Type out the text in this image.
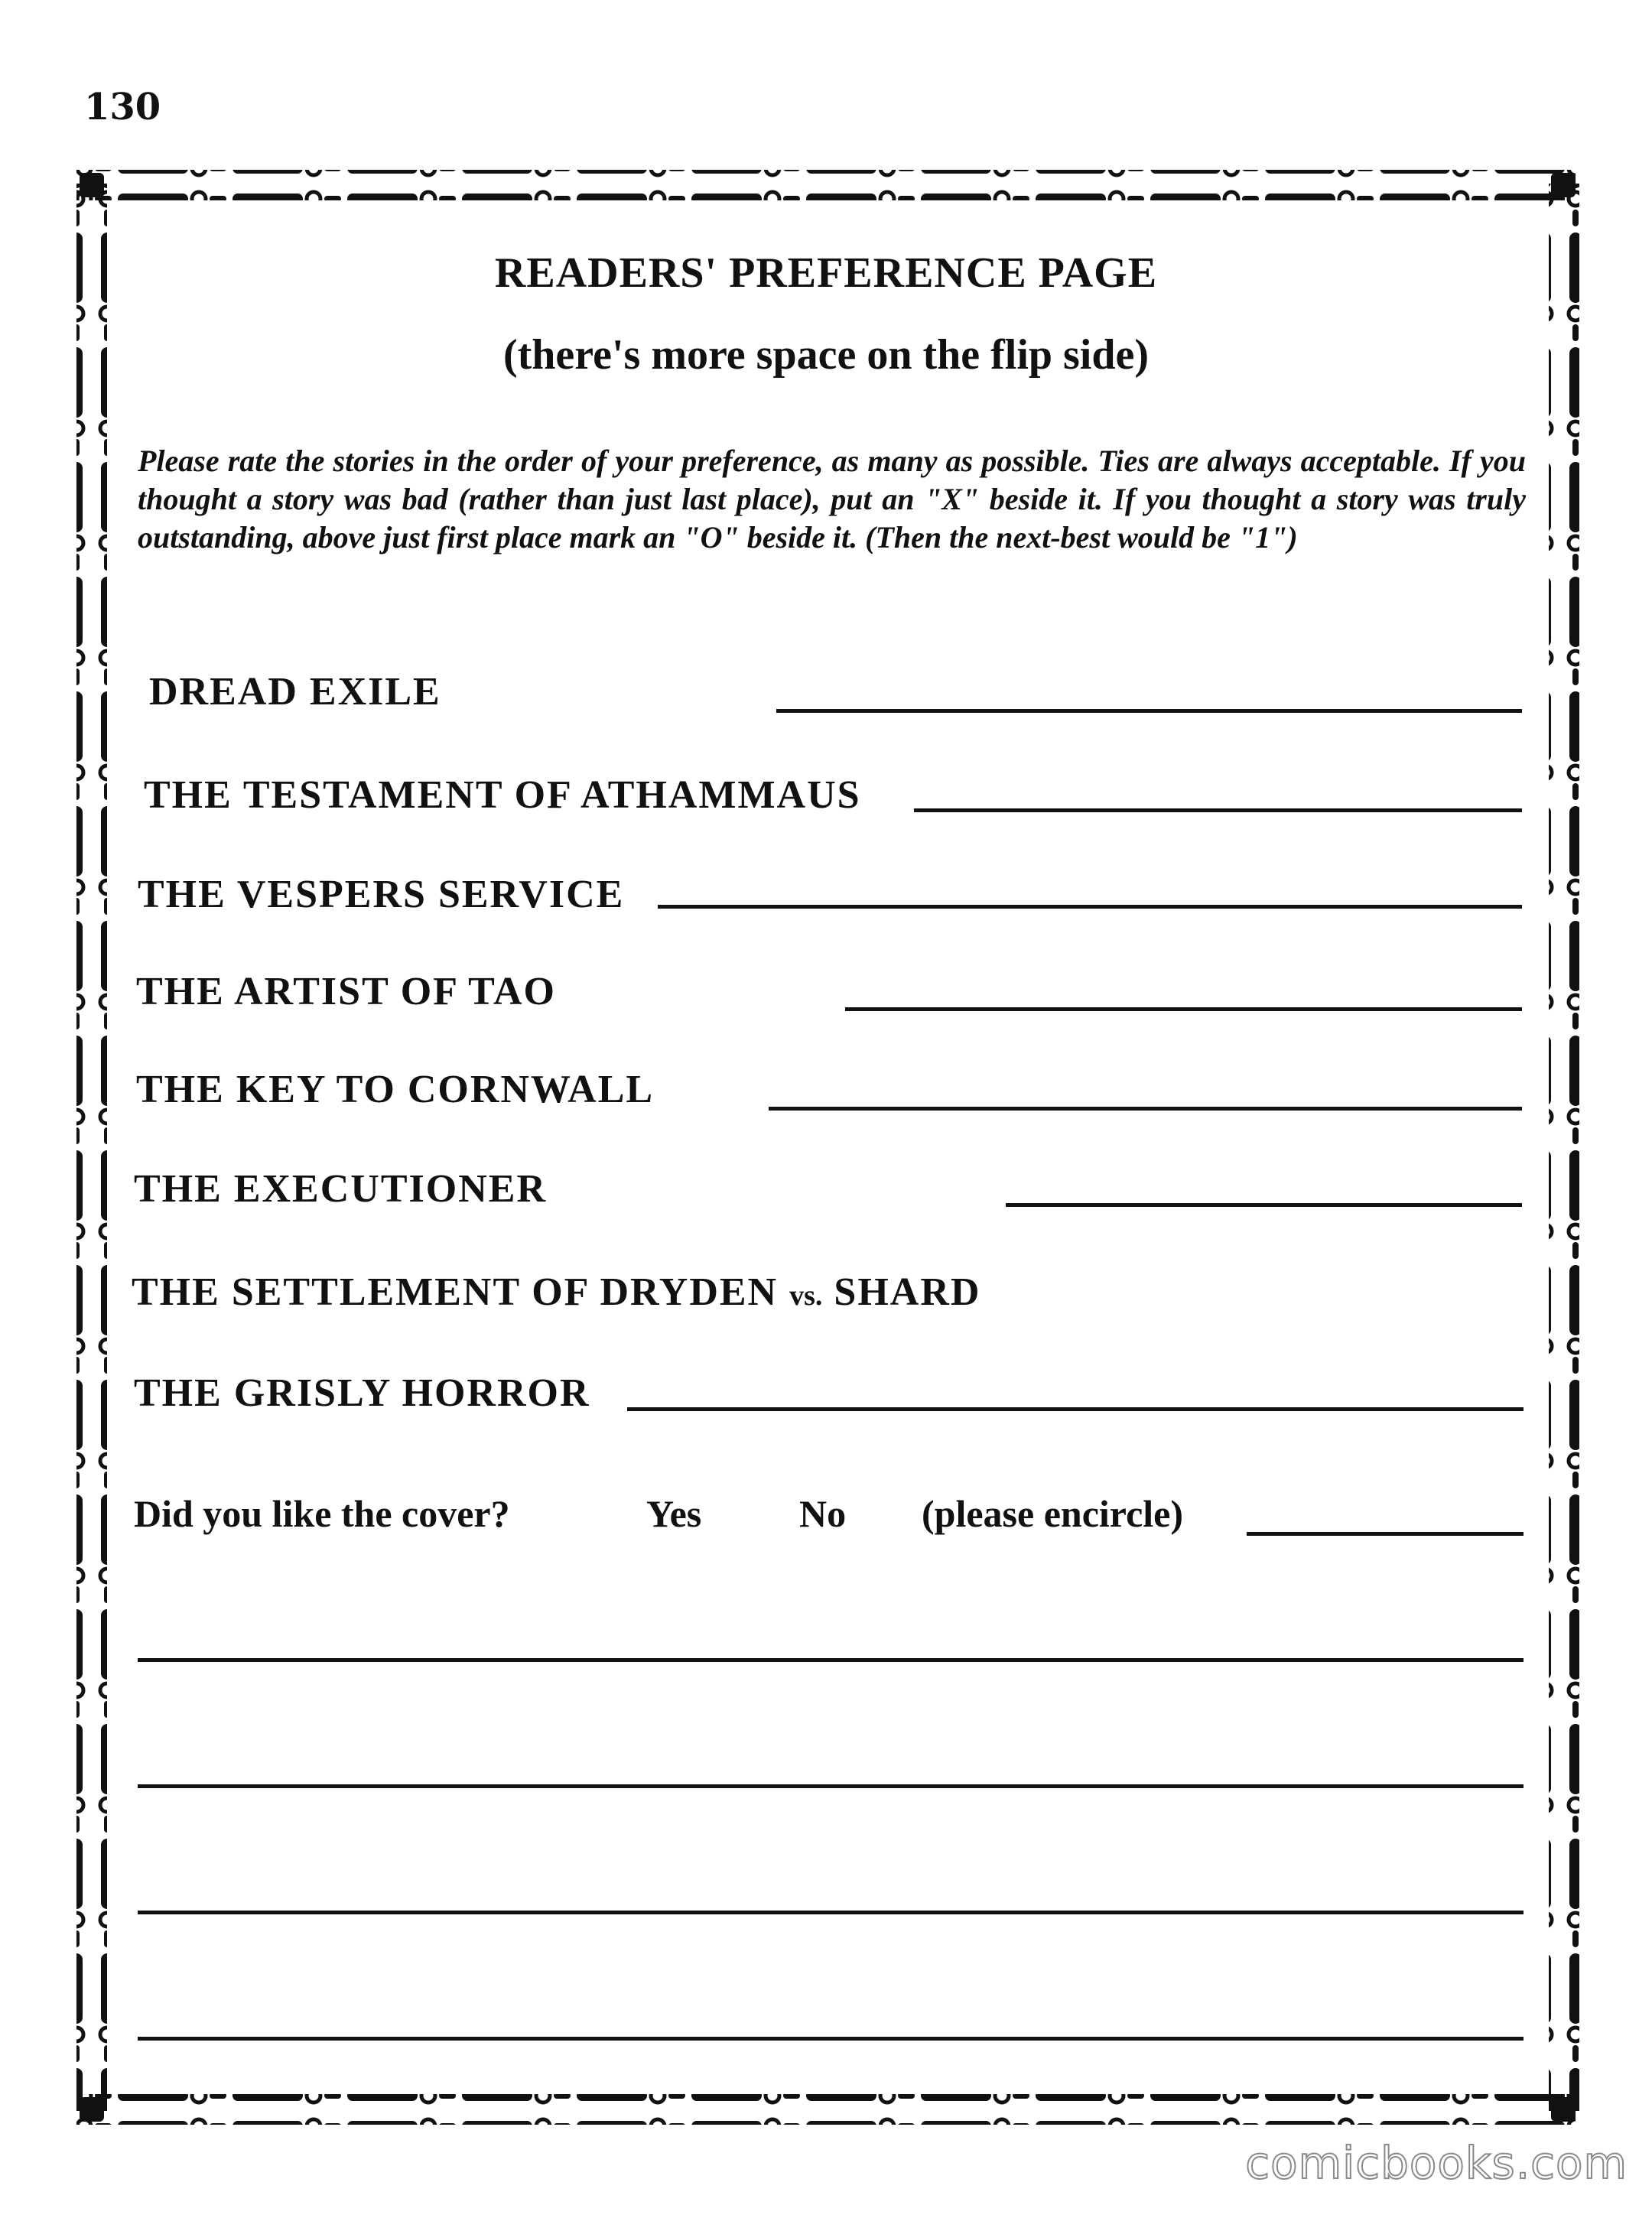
130
READERS' PREFERENCE PAGE
(there's more space on the flip side)
Please rate the stories in the order of your preference, as many as possible. Ties are always acceptable. If you thought a story was bad (rather than just last place), put an "X" beside it. If you thought a story was truly outstanding, above just first place mark an "O" beside it. (Then the next-best would be "1")
DREAD EXILE
THE TESTAMENT OF ATHAMMAUS
THE VESPERS SERVICE
THE ARTIST OF TAO
THE KEY TO CORNWALL
THE EXECUTIONER
THE SETTLEMENT OF DRYDEN vs. SHARD
THE GRISLY HORROR
Did you like the cover?	Yes	No (please encircle)
comicbooks.com
